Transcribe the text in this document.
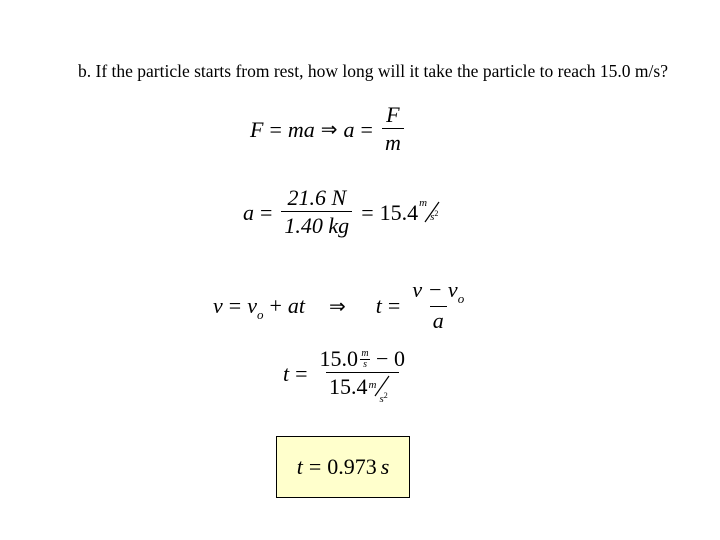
b. If the particle starts from rest, how long will it take the particle to reach 15.0 m/s?

F = ma ⇒ $a = \frac{F}{m}$
$a = \frac{21.6 N}{1.40 kg} = 15.4$ m
$s^2$
$v = v_o$ + at ⇒ $t = \frac{v - v_o}{a}$
t = 15.0 m
s − 0
15.4 m
$s^2$
t = 0.973 s
